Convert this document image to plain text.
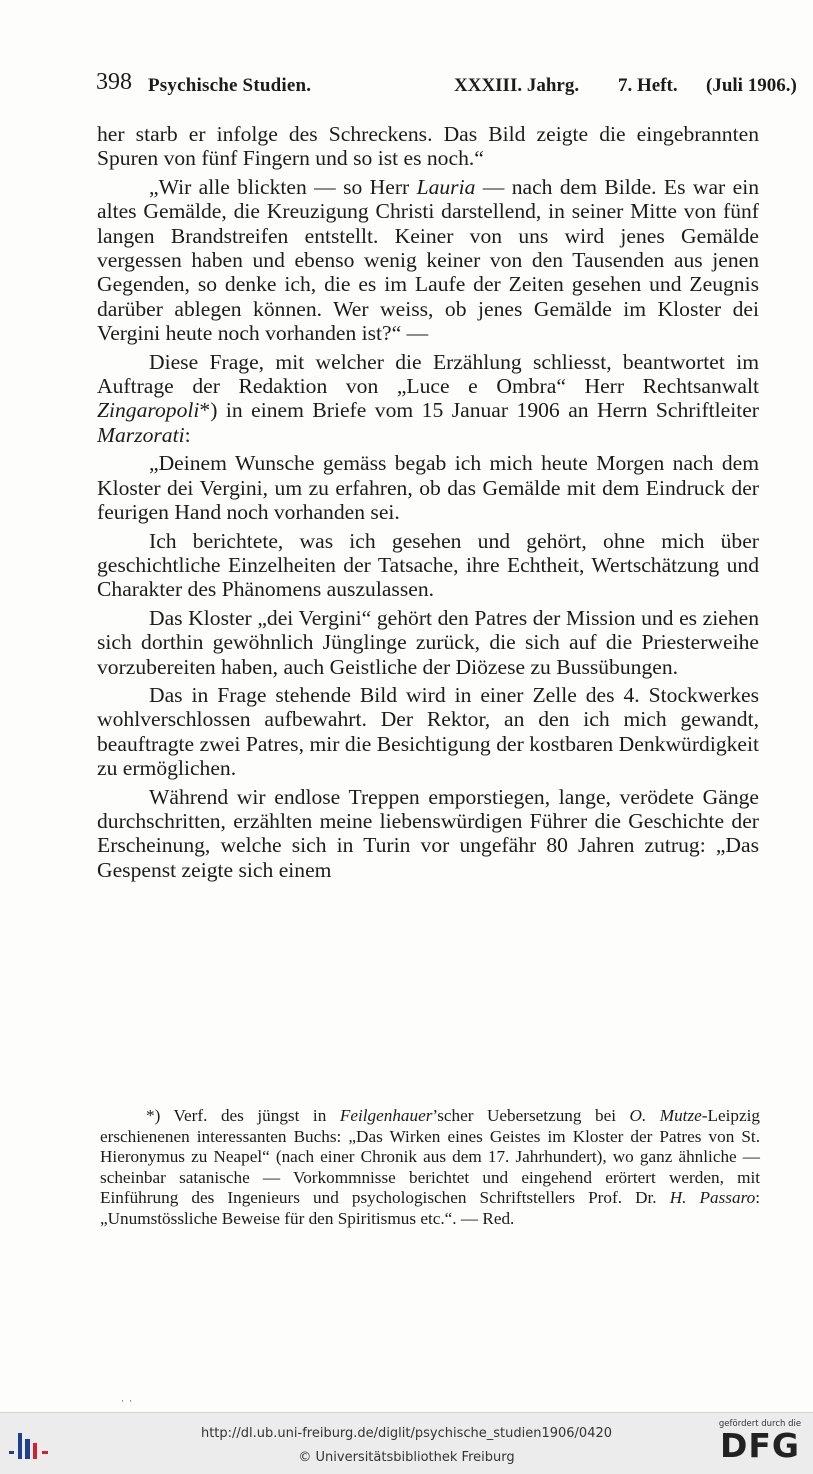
398 Psychische Studien.	XXXIII. Jahrg. 7. Heft. (Juli 1906.)

her starb er infolge des Schreckens. Das Bild zeigte die eingebrannten Spuren von fünf Fingern und so ist es noch.“

„Wir alle blickten — so Herr Lauria — nach dem Bilde. Es war ein altes Gemälde, die Kreuzigung Christi darstellend, in seiner Mitte von fünf langen Brandstreifen entstellt. Keiner von uns wird jenes Gemälde vergessen haben und ebenso wenig keiner von den Tausenden aus jenen Gegenden, so denke ich, die es im Laufe der Zeiten gesehen und Zeugnis darüber ablegen können. Wer weiss, ob jenes Gemälde im Kloster dei Vergini heute noch vorhanden ist?“ —

Diese Frage, mit welcher die Erzählung schliesst, beantwortet im Auftrage der Redaktion von „Luce e Ombra“ Herr Rechtsanwalt Zingaropoli*) in einem Briefe vom 15 Januar 1906 an Herrn Schriftleiter Marzorati:

„Deinem Wunsche gemäss begab ich mich heute Morgen nach dem Kloster dei Vergini, um zu erfahren, ob das Gemälde mit dem Eindruck der feurigen Hand noch vorhanden sei.

Ich berichtete, was ich gesehen und gehört, ohne mich über geschichtliche Einzelheiten der Tatsache, ihre Echtheit, Wertschätzung und Charakter des Phänomens auszulassen.

Das Kloster „dei Vergini“ gehört den Patres der Mission und es ziehen sich dorthin gewöhnlich Jünglinge zurück, die sich auf die Priesterweihe vorzubereiten haben, auch Geistliche der Diözese zu Bussübungen.

Das in Frage stehende Bild wird in einer Zelle des 4. Stockwerkes wohlverschlossen aufbewahrt. Der Rektor, an den ich mich gewandt, beauftragte zwei Patres, mir die Besichtigung der kostbaren Denkwürdigkeit zu ermöglichen.

Während wir endlose Treppen emporstiegen, lange, verödete Gänge durchschritten, erzählten meine liebenswürdigen Führer die Geschichte der Erscheinung, welche sich in Turin vor ungefähr 80 Jahren zutrug: „Das Gespenst zeigte sich einem

*) Verf. des jüngst in Feilgenhauer’scher Uebersetzung bei O. Mutze-Leipzig erschienenen interessanten Buchs: „Das Wirken eines Geistes im Kloster der Patres von St. Hieronymus zu Neapel“ (nach einer Chronik aus dem 17. Jahrhundert), wo ganz ähnliche — scheinbar satanische — Vorkommnisse berichtet und eingehend erörtert werden, mit Einführung des Ingenieurs und psychologischen Schriftstellers Prof. Dr. H. Passaro: „Unumstössliche Beweise für den Spiritismus etc.“. — Red.
˙ ˙
http://dl.ub.uni-freiburg.de/diglit/psychische_studien1906/0420
© Universitätsbibliothek Freiburg
gefördert durch die
DFG
